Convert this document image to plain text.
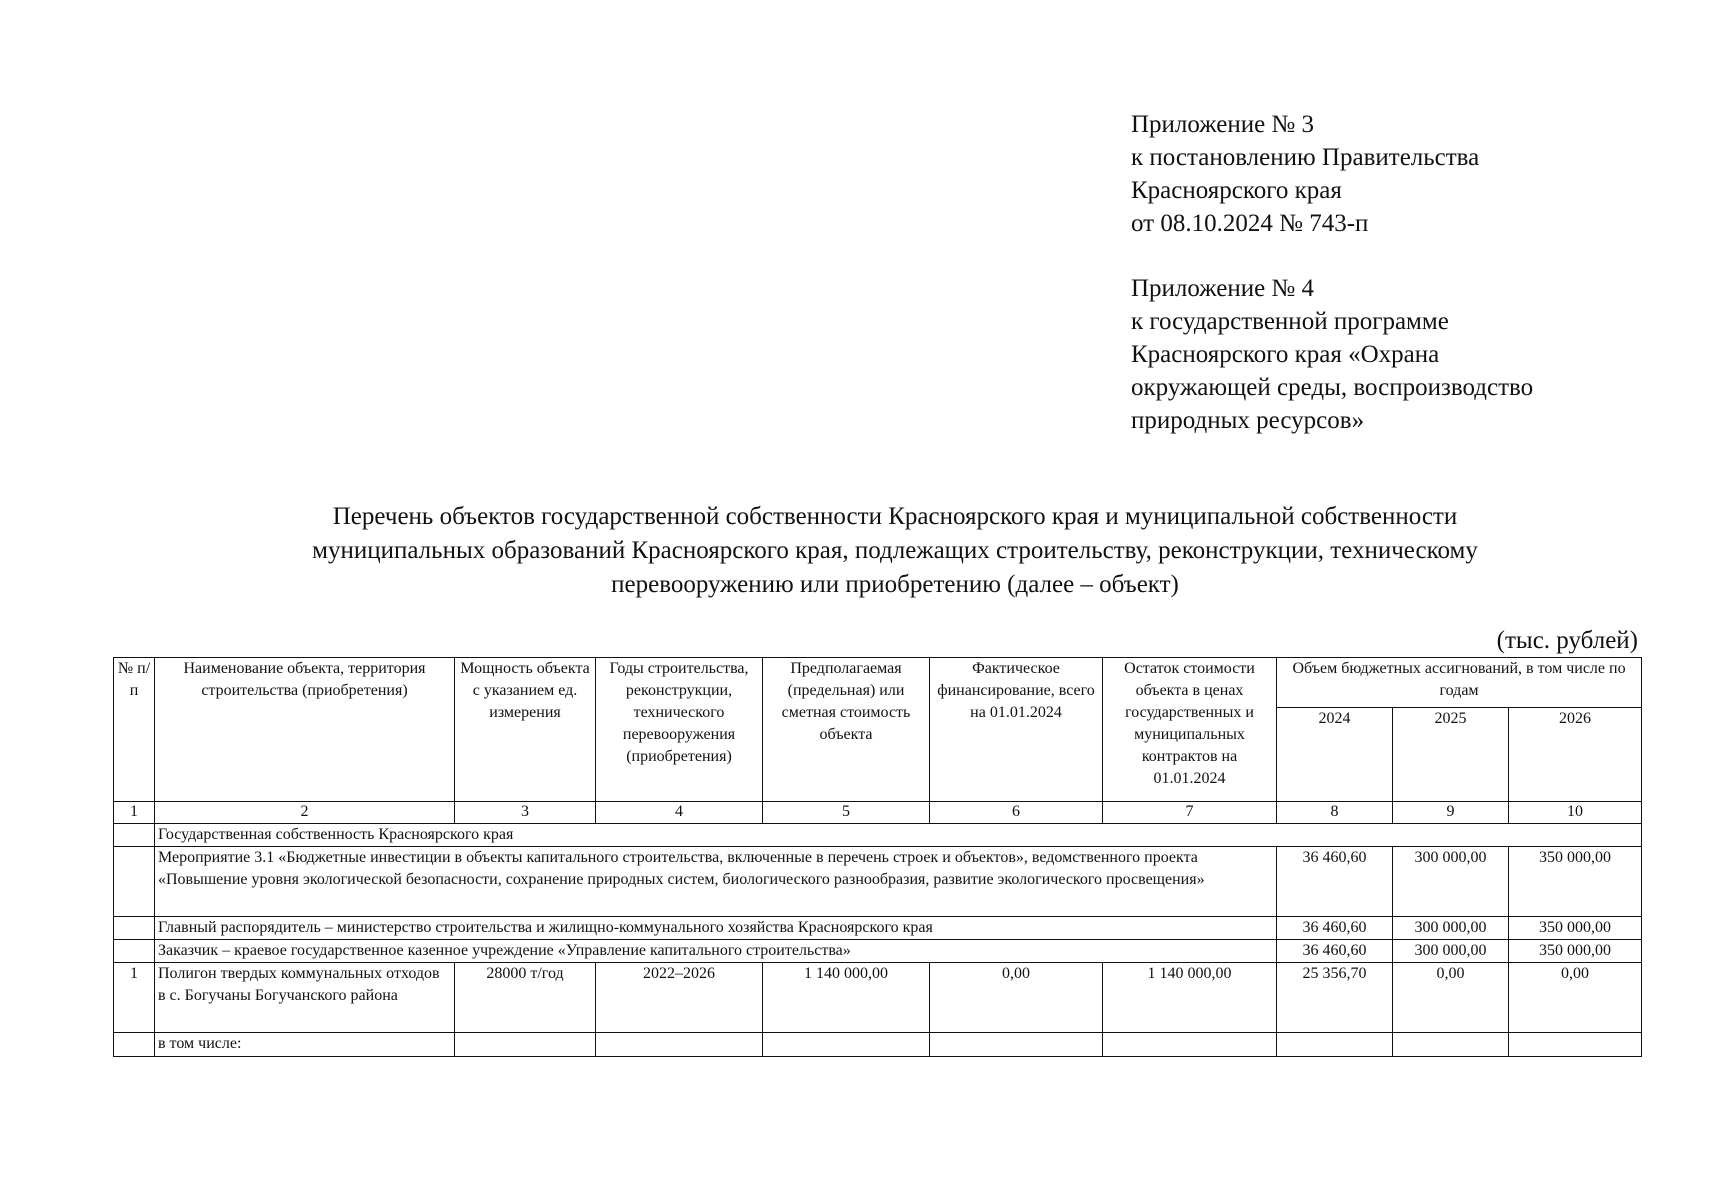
Приложение № 3
к постановлению Правительства
Красноярского края
от 08.10.2024 № 743-п
Приложение № 4
к государственной программе
Красноярского края «Охрана
окружающей среды, воспроизводство
природных ресурсов»
Перечень объектов государственной собственности Красноярского края и муниципальной собственности
муниципальных образований Красноярского края, подлежащих строительству, реконструкции, техническому
перевооружению или приобретению (далее – объект)
(тыс. рублей)
№ п/п	Наименование объекта, территория строительства (приобретения)	Мощность объекта с указанием ед. измерения	Годы строительства, реконструкции, технического перевооружения (приобретения)	Предполагаемая (предельная) или сметная стоимость объекта	Фактическое финансирование, всего на 01.01.2024	Остаток стоимости объекта в ценах государственных и муниципальных контрактов на 01.01.2024	Объем бюджетных ассигнований, в том числе по годам		
							2024	2025	2026
1	2	3	4	5	6	7	8	9	10
	Государственная собственность Красноярского края								
	Мероприятие 3.1 «Бюджетные инвестиции в объекты капитального строительства, включенные в перечень строек и объектов», ведомственного проекта «Повышение уровня экологической безопасности, сохранение природных систем, биологического разнообразия, развитие экологического просвещения»						36 460,60	300 000,00	350 000,00
	Главный распорядитель – министерство строительства и жилищно-коммунального хозяйства Красноярского края						36 460,60	300 000,00	350 000,00
	Заказчик – краевое государственное казенное учреждение «Управление капитального строительства»						36 460,60	300 000,00	350 000,00
1	Полигон твердых коммунальных отходов в с. Богучаны Богучанского района	28000 т/год	2022–2026	1 140 000,00	0,00	1 140 000,00	25 356,70	0,00	0,00
	в том числе:								
